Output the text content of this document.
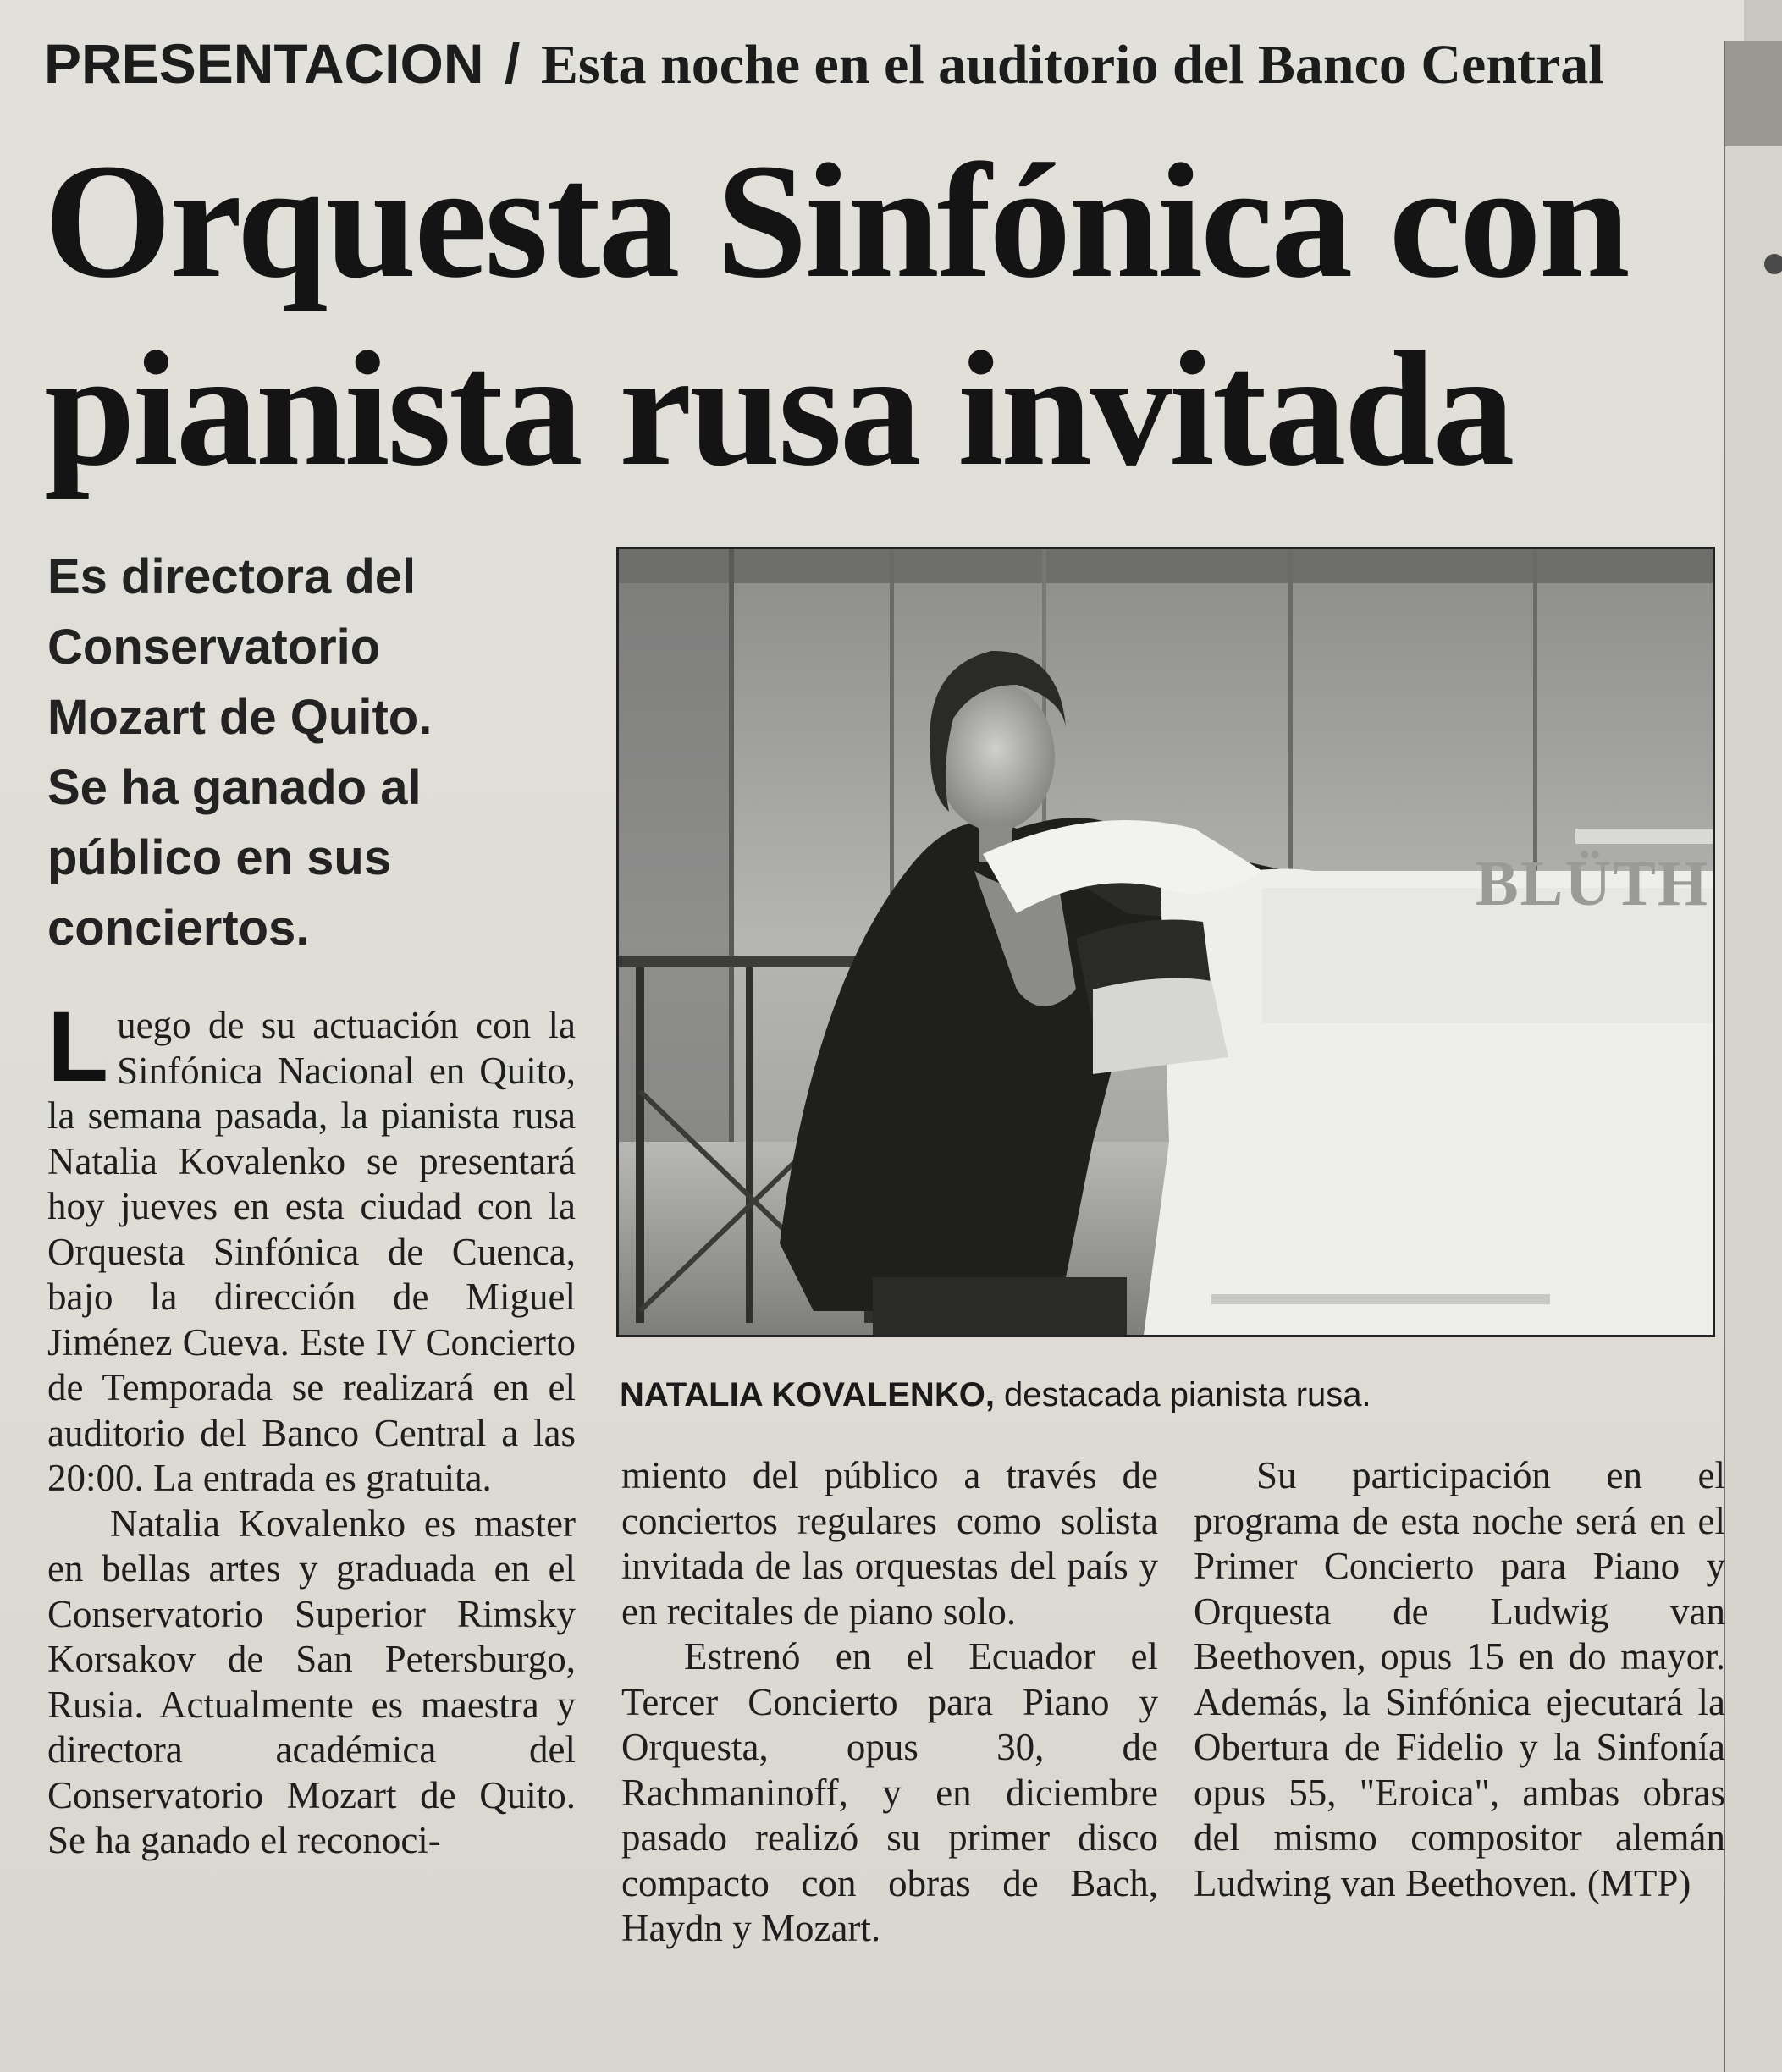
PRESENTACION / Esta noche en el auditorio del Banco Central
Orquesta Sinfónica con
pianista rusa invitada
Es directora del
Conservatorio
Mozart de Quito.
Se ha ganado al
público en sus
conciertos.
BLÜTH
NATALIA KOVALENKO, destacada pianista rusa.

Luego de su actuación con la Sinfónica Nacional en Quito, la semana pasada, la pianista rusa Natalia Kovalenko se presentará hoy jueves en esta ciudad con la Orquesta Sinfónica de Cuenca, bajo la dirección de Miguel Jiménez Cueva. Este IV Concierto de Temporada se realizará en el auditorio del Banco Central a las 20:00. La entrada es gratuita.

Natalia Kovalenko es master en bellas artes y graduada en el Conservatorio Superior Rimsky Korsakov de San Petersburgo, Rusia. Actualmente es maestra y directora académica del Conservatorio Mozart de Quito. Se ha ganado el reconoci-

miento del público a través de conciertos regulares como solista invitada de las orquestas del país y en recitales de piano solo.

Estrenó en el Ecuador el Tercer Concierto para Piano y Orquesta, opus 30, de Rachmaninoff, y en diciembre pasado realizó su primer disco compacto con obras de Bach, Haydn y Mozart.

Su participación en el programa de esta noche será en el Primer Concierto para Piano y Orquesta de Ludwig van Beethoven, opus 15 en do mayor. Además, la Sinfónica ejecutará la Obertura de Fidelio y la Sinfonía opus 55, "Eroica", ambas obras del mismo compositor alemán Ludwing van Beethoven. (MTP)
